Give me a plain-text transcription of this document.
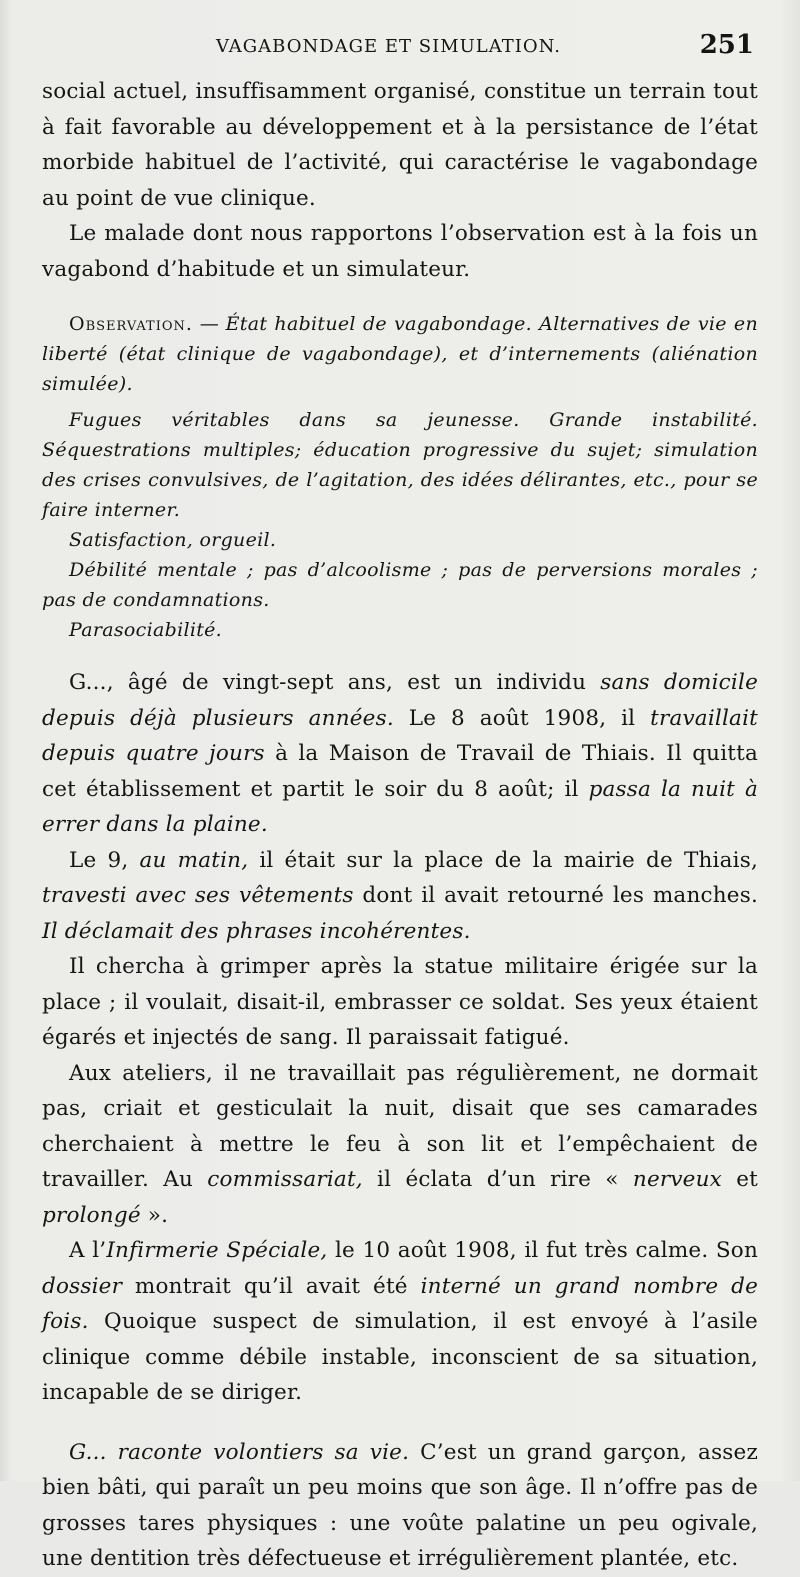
VAGABONDAGE ET SIMULATION.	251

social actuel, insuffisamment organisé, constitue un terrain tout à fait favorable au développement et à la persistance de l’état morbide habituel de l’activité, qui caractérise le vagabondage au point de vue clinique.

Le malade dont nous rapportons l’observation est à la fois un vagabond d’habitude et un simulateur.

Observation. — État habituel de vagabondage. Alternatives de vie en liberté (état clinique de vagabondage), et d’internements (aliénation simulée).

Fugues véritables dans sa jeunesse. Grande instabilité. Séquestrations multiples; éducation progressive du sujet; simulation des crises convulsives, de l’agitation, des idées délirantes, etc., pour se faire interner.

Satisfaction, orgueil.

Débilité mentale ; pas d’alcoolisme ; pas de perversions morales ; pas de condamnations.

Parasociabilité.

G..., âgé de vingt-sept ans, est un individu sans domicile depuis déjà plusieurs années. Le 8 août 1908, il travaillait depuis quatre jours à la Maison de Travail de Thiais. Il quitta cet établissement et partit le soir du 8 août; il passa la nuit à errer dans la plaine.

Le 9, au matin, il était sur la place de la mairie de Thiais, travesti avec ses vêtements dont il avait retourné les manches. Il déclamait des phrases incohérentes.

Il chercha à grimper après la statue militaire érigée sur la place ; il voulait, disait-il, embrasser ce soldat. Ses yeux étaient égarés et injectés de sang. Il paraissait fatigué.

Aux ateliers, il ne travaillait pas régulièrement, ne dormait pas, criait et gesticulait la nuit, disait que ses camarades cherchaient à mettre le feu à son lit et l’empêchaient de travailler. Au commissariat, il éclata d’un rire « nerveux et prolongé ».

A l’Infirmerie Spéciale, le 10 août 1908, il fut très calme. Son dossier montrait qu’il avait été interné un grand nombre de fois. Quoique suspect de simulation, il est envoyé à l’asile clinique comme débile instable, inconscient de sa situation, incapable de se diriger.

G... raconte volontiers sa vie. C’est un grand garçon, assez bien bâti, qui paraît un peu moins que son âge. Il n’offre pas de grosses tares physiques : une voûte palatine un peu ogivale, une dentition très défectueuse et irrégulièrement plantée, etc.
